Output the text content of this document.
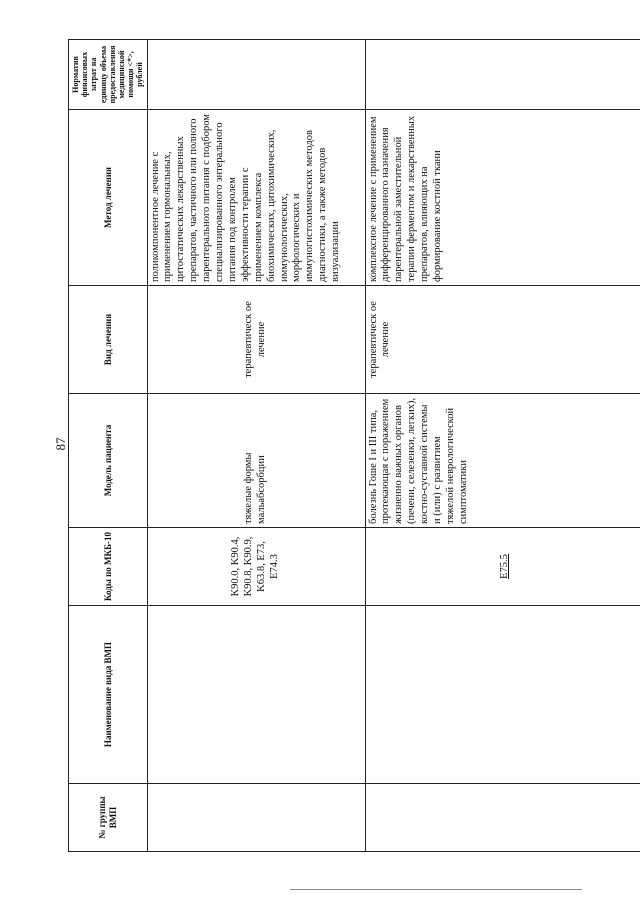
87
№ группы ВМП	Наименование вида ВМП	Коды по МКБ-10	Модель пациента	Вид лечения	Метод лечения	Норматив финансовых затрат на единицу объема предоставления медицинской помощи <*>, рублей
		K90.0, K90.4, K90.8, K90.9, K63.8, E73, E74.3	тяжелые формы мальабсорбции	терапевтическ ое лечение	поликомпонентное лечение с применением гормональных, цитостатических лекарственных препаратов, частичного или полного парентерального питания с подбором специализированного энтерального питания под контролем эффективности терапии с применением комплекса биохимических, цитохимических, иммунологических, морфологических и иммуногистохимических методов диагностики, а также методов визуализации	
		E75.5	болезнь Гоше I и III типа, протекающая с поражением жизненно важных органов (печени, селезенки, легких), костно-суставной системы и (или) с развитием тяжелой неврологической симптоматики	терапевтическ ое лечение	комплексное лечение с применением дифференцированного назначения парентеральной заместительной терапии ферментом и лекарственных препаратов, влияющих на формирование костной ткани	
